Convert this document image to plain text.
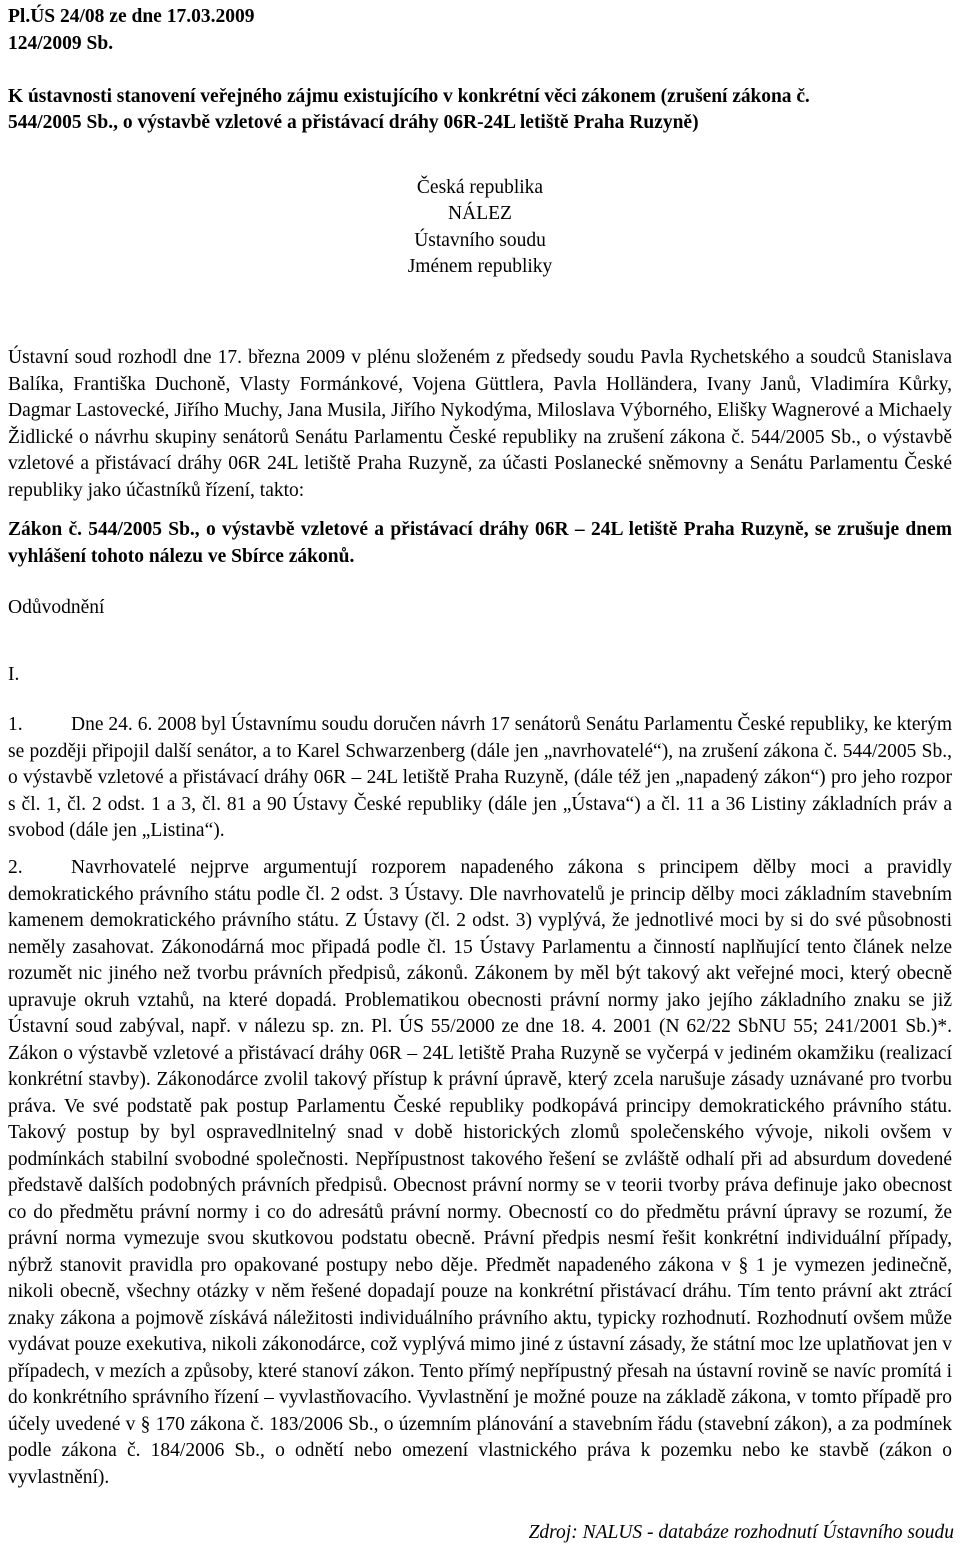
Pl.ÚS 24/08 ze dne 17.03.2009

124/2009 Sb.

K ústavnosti stanovení veřejného zájmu existujícího v konkrétní věci zákonem (zrušení zákona č.

544/2005 Sb., o výstavbě vzletové a přistávací dráhy 06R-24L letiště Praha Ruzyně)

Česká republika

NÁLEZ

Ústavního soudu

Jménem republiky

Ústavní soud rozhodl dne 17. března 2009 v plénu složeném z předsedy soudu Pavla Rychetského a soudců Stanislava Balíka, Františka Duchoně, Vlasty Formánkové, Vojena Güttlera, Pavla Holländera, Ivany Janů, Vladimíra Kůrky, Dagmar Lastovecké, Jiřího Muchy, Jana Musila, Jiřího Nykodýma, Miloslava Výborného, Elišky Wagnerové a Michaely Židlické o návrhu skupiny senátorů Senátu Parlamentu České republiky na zrušení zákona č. 544/2005 Sb., o výstavbě vzletové a přistávací dráhy 06R 24L letiště Praha Ruzyně, za účasti Poslanecké sněmovny a Senátu Parlamentu České republiky jako účastníků řízení, takto:

Zákon č. 544/2005 Sb., o výstavbě vzletové a přistávací dráhy 06R – 24L letiště Praha Ruzyně, se zrušuje dnem vyhlášení tohoto nálezu ve Sbírce zákonů.

Odůvodnění

I.

1. Dne 24. 6. 2008 byl Ústavnímu soudu doručen návrh 17 senátorů Senátu Parlamentu České republiky, ke kterým se později připojil další senátor, a to Karel Schwarzenberg (dále jen „navrhovatelé“), na zrušení zákona č. 544/2005 Sb., o výstavbě vzletové a přistávací dráhy 06R – 24L letiště Praha Ruzyně, (dále též jen „napadený zákon“) pro jeho rozpor s čl. 1, čl. 2 odst. 1 a 3, čl. 81 a 90 Ústavy České republiky (dále jen „Ústava“) a čl. 11 a 36 Listiny základních práv a svobod (dále jen „Listina“).

2. Navrhovatelé nejprve argumentují rozporem napadeného zákona s principem dělby moci a pravidly demokratického právního státu podle čl. 2 odst. 3 Ústavy. Dle navrhovatelů je princip dělby moci základním stavebním kamenem demokratického právního státu. Z Ústavy (čl. 2 odst. 3) vyplývá, že jednotlivé moci by si do své působnosti neměly zasahovat. Zákonodárná moc připadá podle čl. 15 Ústavy Parlamentu a činností naplňující tento článek nelze rozumět nic jiného než tvorbu právních předpisů, zákonů. Zákonem by měl být takový akt veřejné moci, který obecně upravuje okruh vztahů, na které dopadá. Problematikou obecnosti právní normy jako jejího základního znaku se již Ústavní soud zabýval, např. v nálezu sp. zn. Pl. ÚS 55/2000 ze dne 18. 4. 2001 (N 62/22 SbNU 55; 241/2001 Sb.)*. Zákon o výstavbě vzletové a přistávací dráhy 06R – 24L letiště Praha Ruzyně se vyčerpá v jediném okamžiku (realizací konkrétní stavby). Zákonodárce zvolil takový přístup k právní úpravě, který zcela narušuje zásady uznávané pro tvorbu práva. Ve své podstatě pak postup Parlamentu České republiky podkopává principy demokratického právního státu. Takový postup by byl ospravedlnitelný snad v době historických zlomů společenského vývoje, nikoli ovšem v podmínkách stabilní svobodné společnosti. Nepřípustnost takového řešení se zvláště odhalí při ad absurdum dovedené představě dalších podobných právních předpisů. Obecnost právní normy se v teorii tvorby práva definuje jako obecnost co do předmětu právní normy i co do adresátů právní normy. Obecností co do předmětu právní úpravy se rozumí, že právní norma vymezuje svou skutkovou podstatu obecně. Právní předpis nesmí řešit konkrétní individuální případy, nýbrž stanovit pravidla pro opakované postupy nebo děje. Předmět napadeného zákona v § 1 je vymezen jedinečně, nikoli obecně, všechny otázky v něm řešené dopadají pouze na konkrétní přistávací dráhu. Tím tento právní akt ztrácí znaky zákona a pojmově získává náležitosti individuálního právního aktu, typicky rozhodnutí. Rozhodnutí ovšem může vydávat pouze exekutiva, nikoli zákonodárce, což vyplývá mimo jiné z ústavní zásady, že státní moc lze uplatňovat jen v případech, v mezích a způsoby, které stanoví zákon. Tento přímý nepřípustný přesah na ústavní rovině se navíc promítá i do konkrétního správního řízení – vyvlastňovacího. Vyvlastnění je možné pouze na základě zákona, v tomto případě pro účely uvedené v § 170 zákona č. 183/2006 Sb., o územním plánování a stavebním řádu (stavební zákon), a za podmínek podle zákona č. 184/2006 Sb., o odnětí nebo omezení vlastnického práva k pozemku nebo ke stavbě (zákon o vyvlastnění).

Zdroj: NALUS - databáze rozhodnutí Ústavního soudu
